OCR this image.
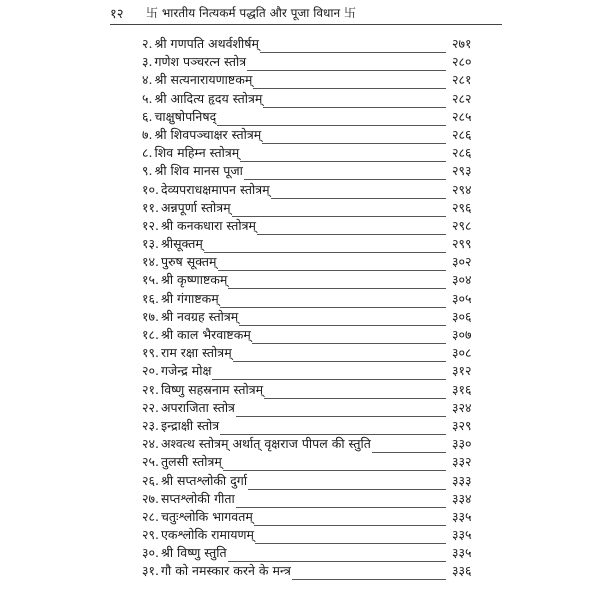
१२ 卐 भारतीय नित्यकर्म पद्धति और पूजा विधान 卐
२. श्री गणपति अथर्वशीर्षम्	२७१
३. गणेश पञ्चरत्न स्तोत्र	२८०
४. श्री सत्यनारायणाष्टकम्	२८१
५. श्री आदित्य हृदय स्तोत्रम्	२८२
६. चाक्षुषोपनिषद्	२८५
७. श्री शिवपञ्चाक्षर स्तोत्रम्	२८६
८. शिव महिम्न स्तोत्रम्	२८६
९. श्री शिव मानस पूजा	२९३
१०. देव्यपराधक्षमापन स्तोत्रम्	२९४
११. अन्नपूर्णा स्तोत्रम्	२९६
१२. श्री कनकधारा स्तोत्रम्	२९८
१३. श्रीसूक्तम्	२९९
१४. पुरुष सूक्तम्	३०२
१५. श्री कृष्णाष्टकम्	३०४
१६. श्री गंगाष्टकम्	३०५
१७. श्री नवग्रह स्तोत्रम्	३०६
१८. श्री काल भैरवाष्टकम्	३०७
१९. राम रक्षा स्तोत्रम्	३०८
२०. गजेन्द्र मोक्ष	३१२
२१. विष्णु सहस्रनाम स्तोत्रम्	३१६
२२. अपराजिता स्तोत्र	३२४
२३. इन्द्राक्षी स्तोत्र	३२९
२४. अश्वत्थ स्तोत्रम् अर्थात् वृक्षराज पीपल की स्तुति	३३०
२५. तुलसी स्तोत्रम्	३३२
२६. श्री सप्तश्लोकी दुर्गा	३३३
२७. सप्तश्लोकी गीता	३३४
२८. चतुःश्लोकि भागवतम्	३३५
२९. एकश्लोकि रामायणम्	३३५
३०. श्री विष्णु स्तुति	३३५
३१. गौ को नमस्कार करने के मन्त्र	३३६
